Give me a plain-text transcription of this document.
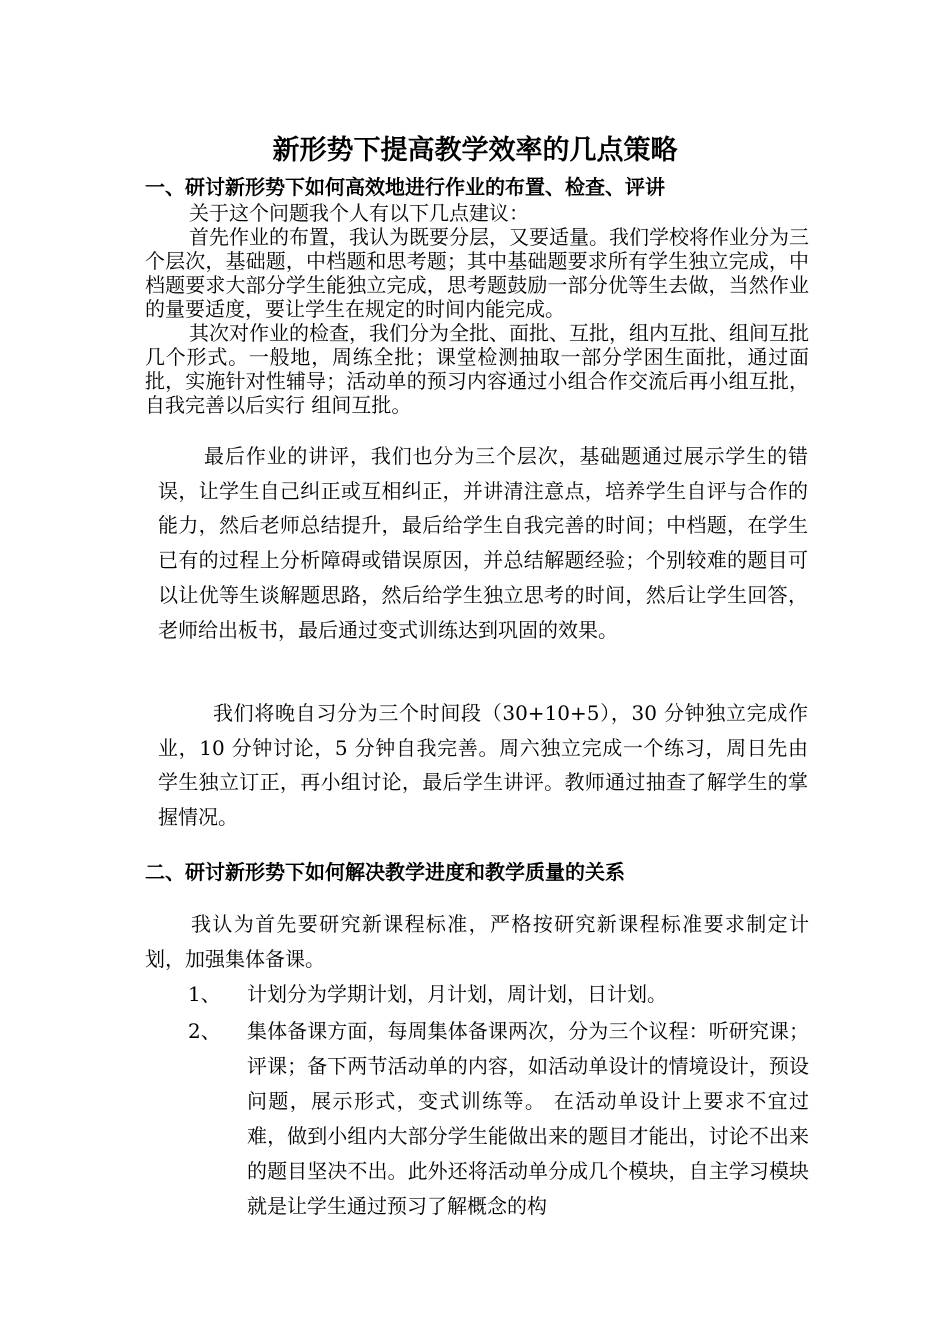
新形势下提高教学效率的几点策略
一、研讨新形势下如何高效地进行作业的布置、检查、评讲
关于这个问题我个人有以下几点建议：
首先作业的布置，我认为既要分层，又要适量。我们学校将作业分为三个层次，基础题，中档题和思考题；其中基础题要求所有学生独立完成，中档题要求大部分学生能独立完成，思考题鼓励一部分优等生去做，当然作业的量要适度，要让学生在规定的时间内能完成。
其次对作业的检查，我们分为全批、面批、互批，组内互批、组间互批几个形式。一般地，周练全批；课堂检测抽取一部分学困生面批，通过面批，实施针对性辅导；活动单的预习内容通过小组合作交流后再小组互批，自我完善以后实行 组间互批。
最后作业的讲评，我们也分为三个层次，基础题通过展示学生的错误，让学生自己纠正或互相纠正，并讲清注意点，培养学生自评与合作的能力，然后老师总结提升，最后给学生自我完善的时间；中档题，在学生已有的过程上分析障碍或错误原因，并总结解题经验；个别较难的题目可以让优等生谈解题思路，然后给学生独立思考的时间，然后让学生回答，老师给出板书，最后通过变式训练达到巩固的效果。
我们将晚自习分为三个时间段（30+10+5），30 分钟独立完成作业，10 分钟讨论，5 分钟自我完善。周六独立完成一个练习，周日先由学生独立订正，再小组讨论，最后学生讲评。教师通过抽查了解学生的掌握情况。
二、研讨新形势下如何解决教学进度和教学质量的关系
我认为首先要研究新课程标准，严格按研究新课程标准要求制定计划，加强集体备课。
1、	计划分为学期计划，月计划，周计划，日计划。
2、	集体备课方面，每周集体备课两次，分为三个议程：听研究课；评课；备下两节活动单的内容，如活动单设计的情境设计，预设问题，展示形式，变式训练等。 在活动单设计上要求不宜过难，做到小组内大部分学生能做出来的题目才能出，讨论不出来的题目坚决不出。此外还将活动单分成几个模块，自主学习模块就是让学生通过预习了解概念的构
